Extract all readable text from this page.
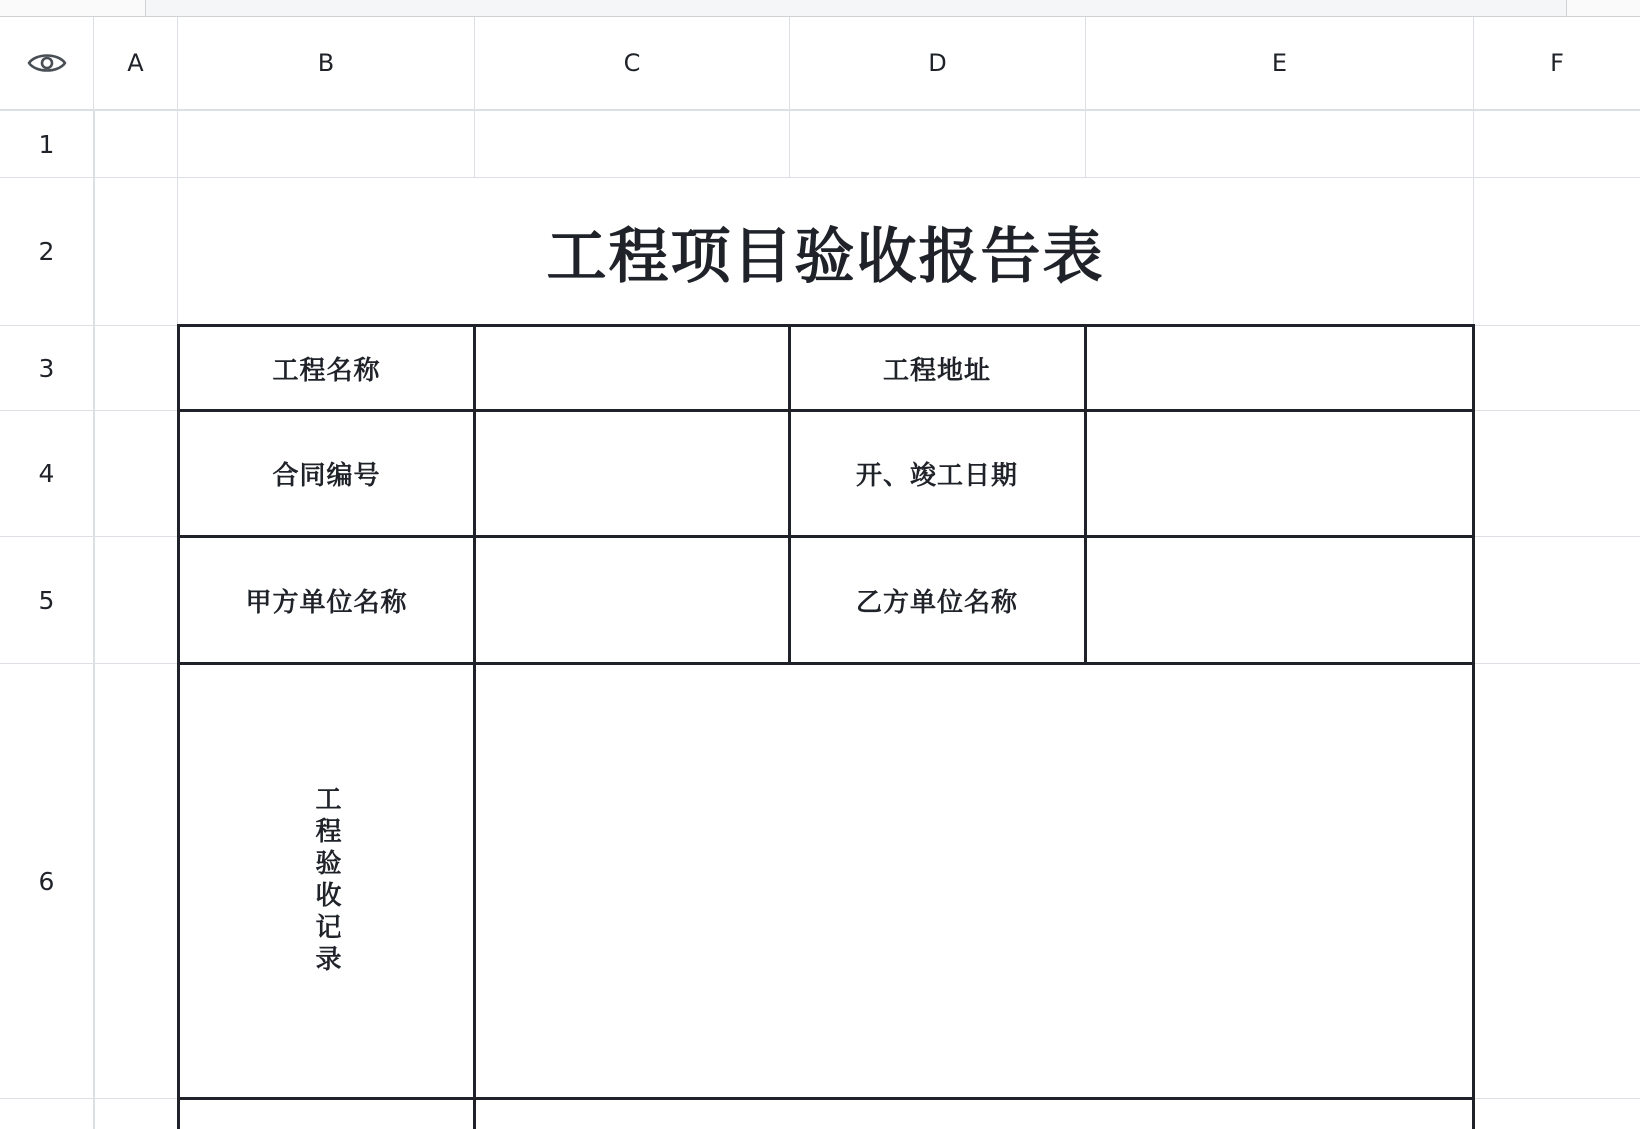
A	B	C	D	E	F
1
2
3
4
5
6
工程项目验收报告表
工程名称	工程地址
合同编号	开、竣工日期
甲方单位名称	乙方单位名称
工程验收记录
